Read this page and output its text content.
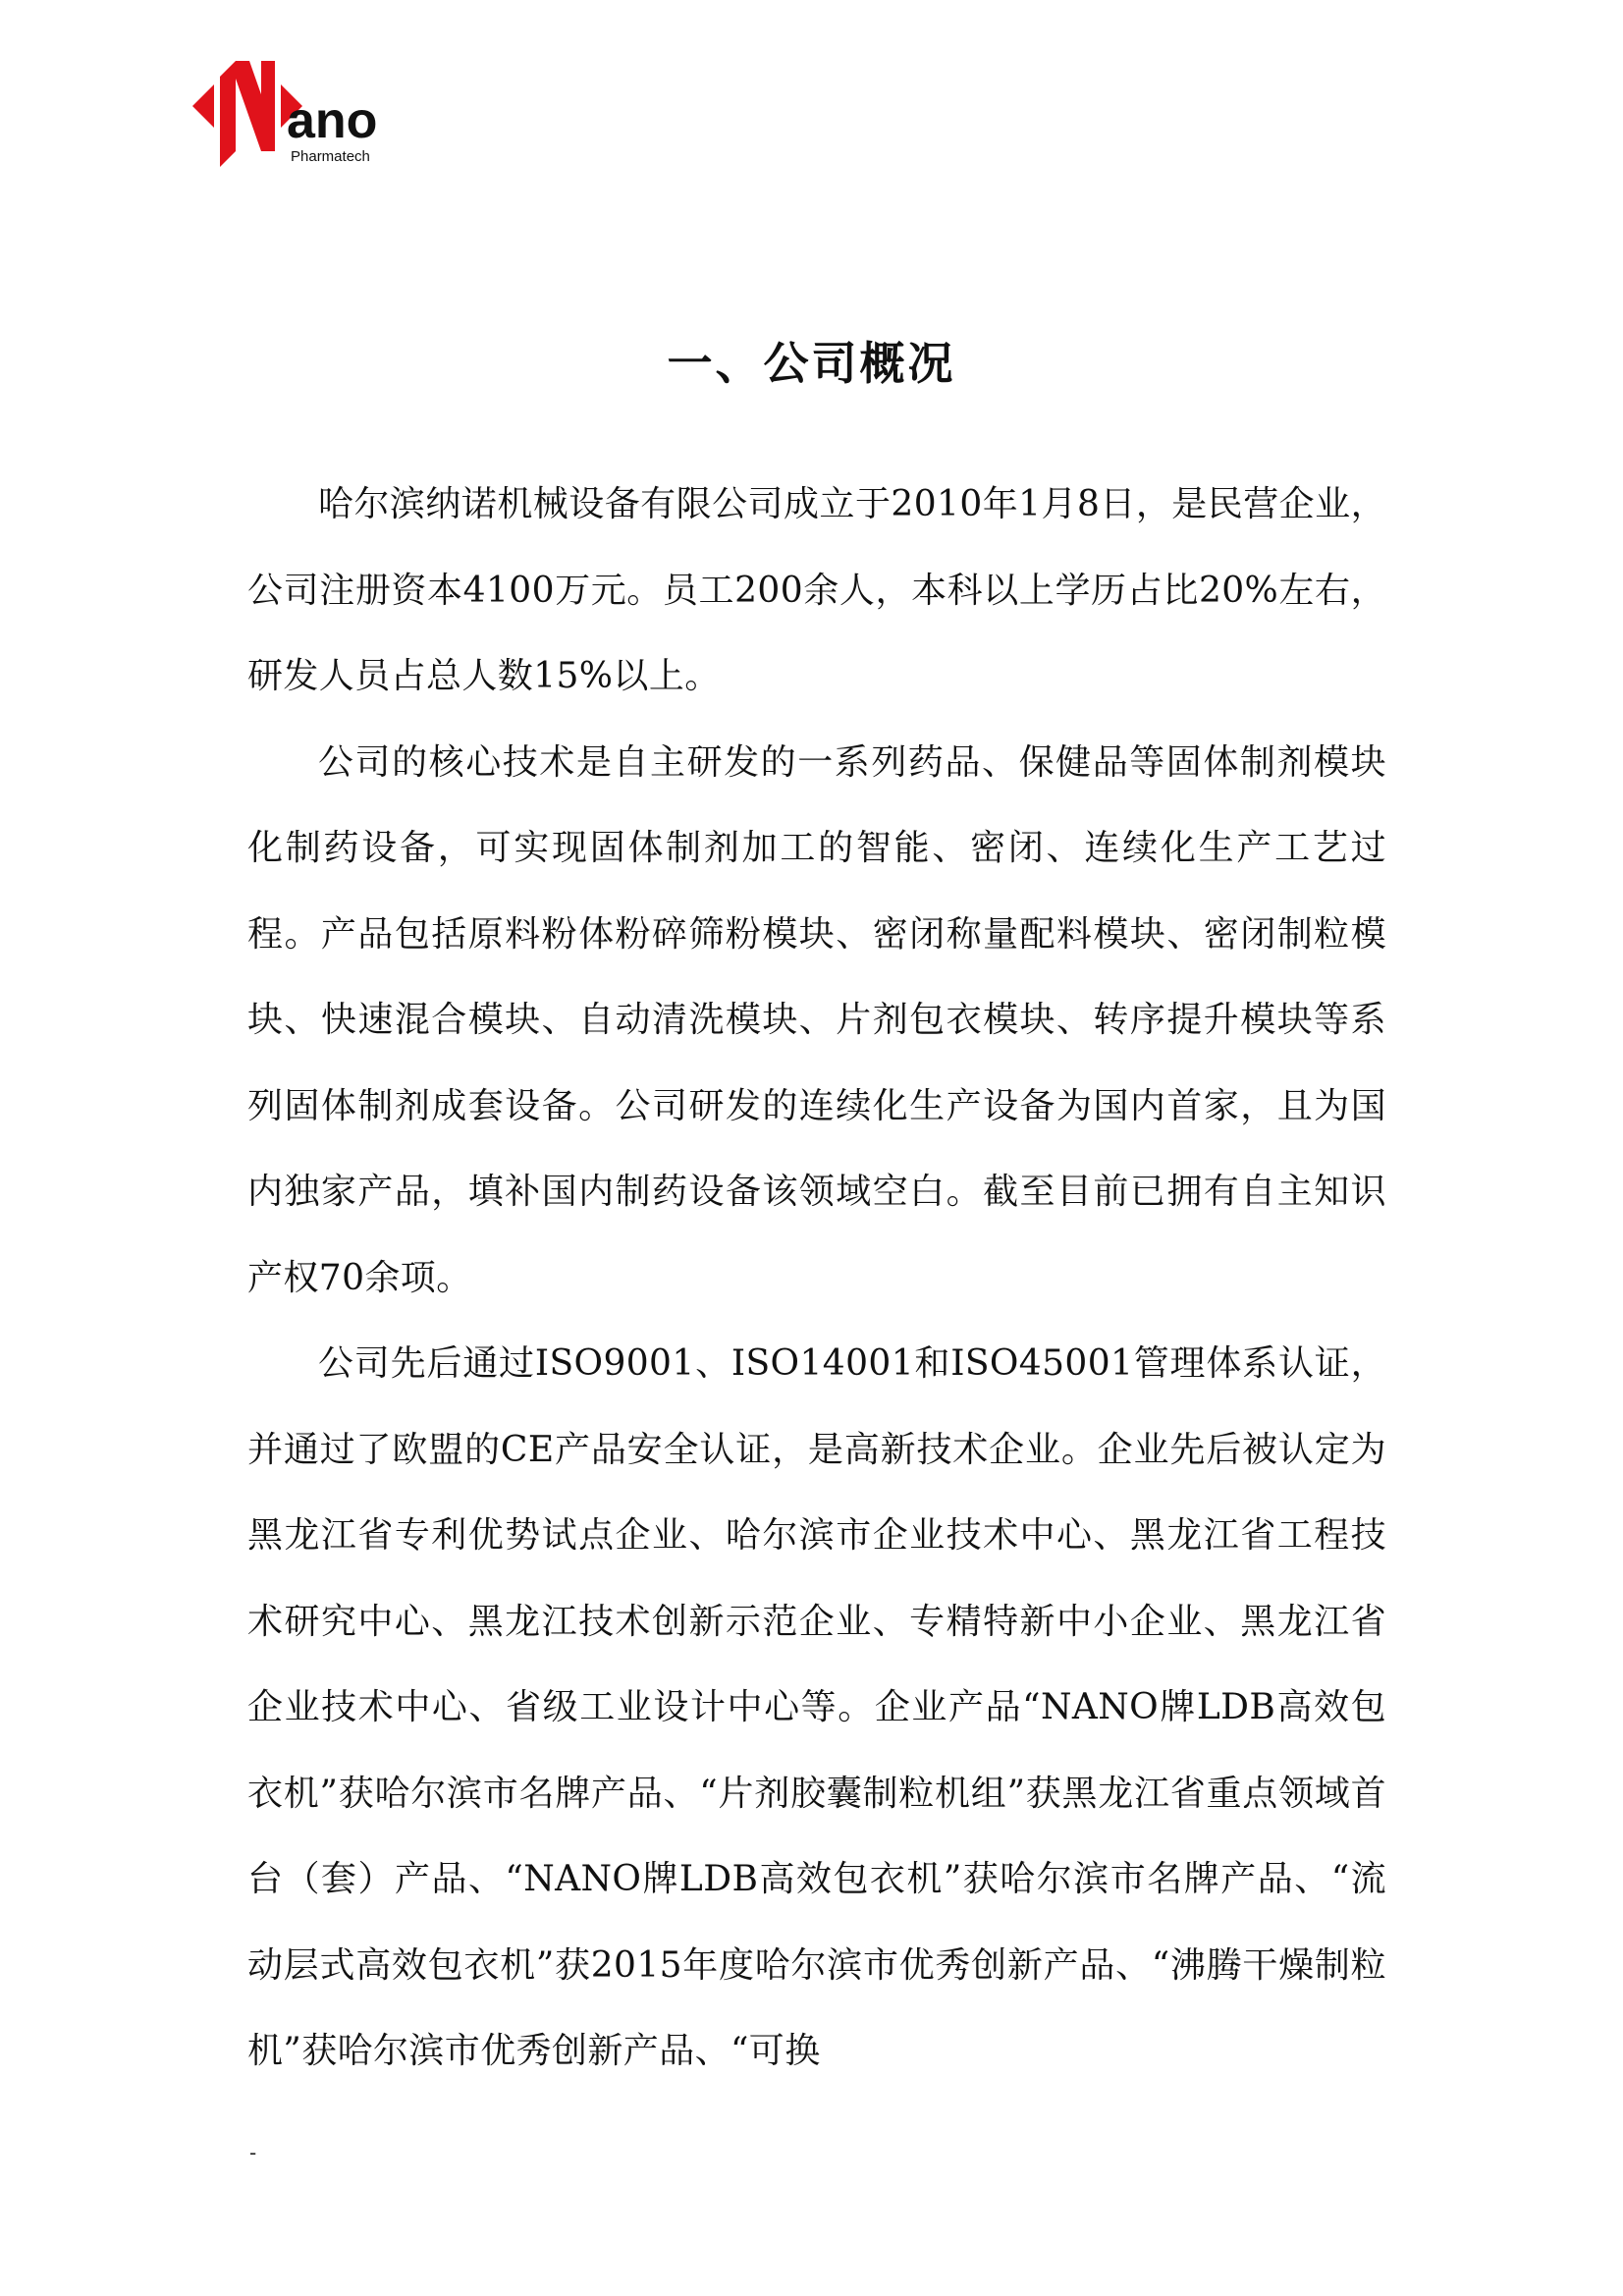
ano
Pharmatech
一、公司概况

哈尔滨纳诺机械设备有限公司成立于2010年1月8日，是民营企业，公司注册资本4100万元。员工200余人，本科以上学历占比20%左右，研发人员占总人数15%以上。

公司的核心技术是自主研发的一系列药品、保健品等固体制剂模块化制药设备，可实现固体制剂加工的智能、密闭、连续化生产工艺过程。产品包括原料粉体粉碎筛粉模块、密闭称量配料模块、密闭制粒模块、快速混合模块、自动清洗模块、片剂包衣模块、转序提升模块等系列固体制剂成套设备。公司研发的连续化生产设备为国内首家，且为国内独家产品，填补国内制药设备该领域空白。截至目前已拥有自主知识产权70余项。

公司先后通过ISO9001、ISO14001和ISO45001管理体系认证，并通过了欧盟的CE产品安全认证，是高新技术企业。企业先后被认定为黑龙江省专利优势试点企业、哈尔滨市企业技术中心、黑龙江省工程技术研究中心、黑龙江技术创新示范企业、专精特新中小企业、黑龙江省企业技术中心、省级工业设计中心等。企业产品“NANO牌LDB高效包衣机”获哈尔滨市名牌产品、“片剂胶囊制粒机组”获黑龙江省重点领域首台（套）产品、“NANO牌LDB高效包衣机”获哈尔滨市名牌产品、“流动层式高效包衣机”获2015年度哈尔滨市优秀创新产品、“沸腾干燥制粒机”获哈尔滨市优秀创新产品、“可换

-
